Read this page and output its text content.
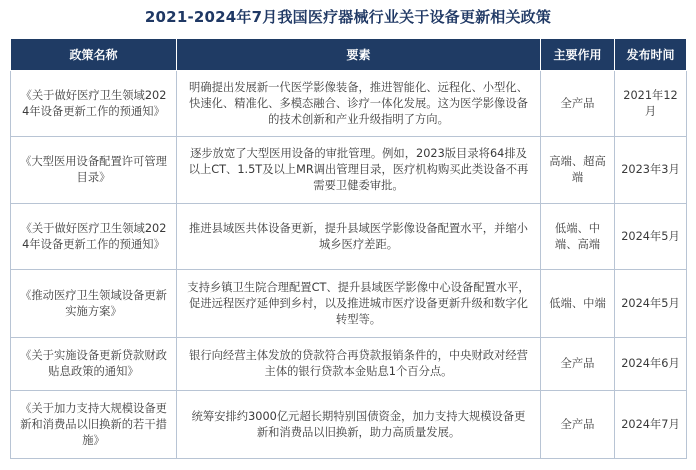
2021-2024年7月我国医疗器械行业关于设备更新相关政策
政策名称	要素	主要作用	发布时间
《关于做好医疗卫生领域2024年设备更新工作的预通知》	明确提出发展新一代医学影像装备，推进智能化、远程化、小型化、快速化、精准化、多模态融合、诊疗一体化发展。这为医学影像设备的技术创新和产业升级指明了方向。	全产品	2021年12月
《大型医用设备配置许可管理目录》	逐步放宽了大型医用设备的审批管理。例如，2023版目录将64排及以上CT、1.5T及以上MR调出管理目录，医疗机构购买此类设备不再需要卫健委审批。	高端、超高端	2023年3月
《关于做好医疗卫生领域2024年设备更新工作的预通知》	推进县域医共体设备更新，提升县域医学影像设备配置水平，并缩小城乡医疗差距。	低端、中端、高端	2024年5月
《推动医疗卫生领域设备更新实施方案》	支持乡镇卫生院合理配置CT、提升县域医学影像中心设备配置水平，促进远程医疗延伸到乡村，以及推进城市医疗设备更新升级和数字化转型等。	低端、中端	2024年5月
《关于实施设备更新贷款财政贴息政策的通知》	银行向经营主体发放的贷款符合再贷款报销条件的，中央财政对经营主体的银行贷款本金贴息1个百分点。	全产品	2024年6月
《关于加力支持大规模设备更新和消费品以旧换新的若干措施》	统筹安排约3000亿元超长期特别国债资金，加力支持大规模设备更新和消费品以旧换新，助力高质量发展。	全产品	2024年7月
